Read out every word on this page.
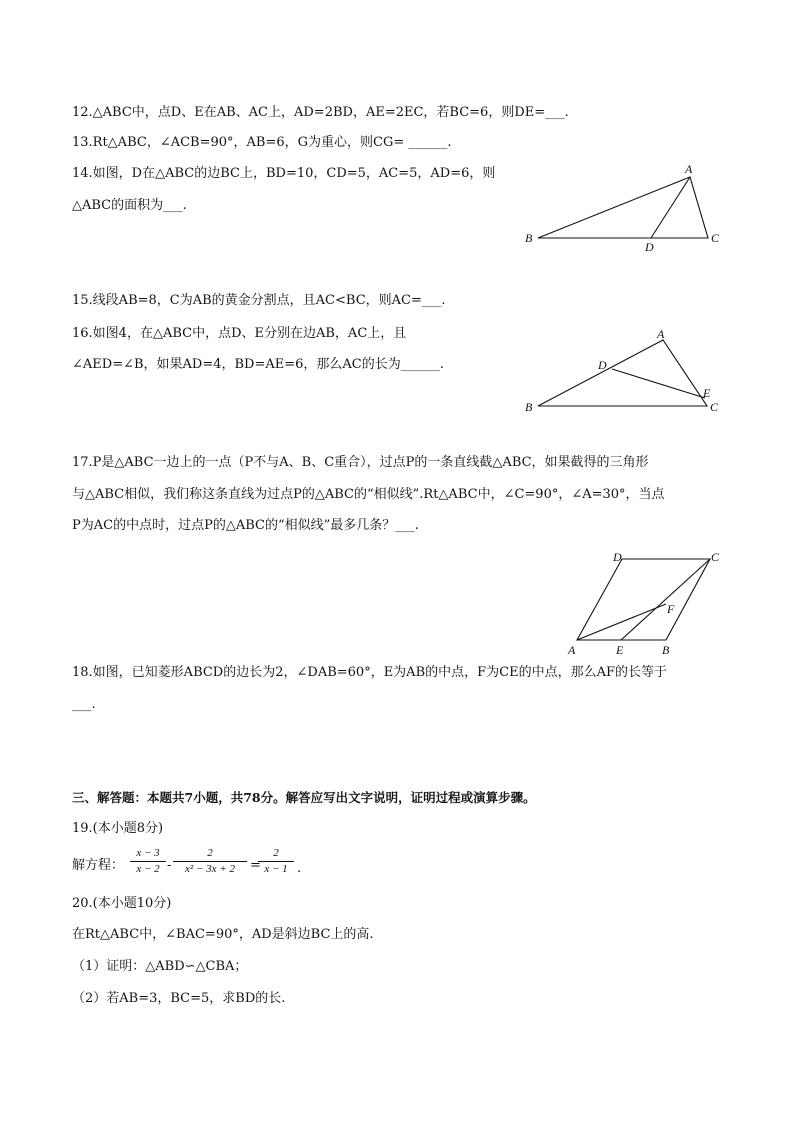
12.△ABC中，点D、E在AB、AC上，AD=2BD，AE=2EC，若BC=6，则DE=___.
13.Rt△ABC，∠ACB=90°，AB=6，G为重心，则CG= ______.
14.如图，D在△ABC的边BC上，BD=10，CD=5，AC=5，AD=6，则
△ABC的面积为___.
A
B	C
D
15.线段AB=8，C为AB的黄金分割点，且AC<BC，则AC=___.
16.如图4，在△ABC中，点D、E分别在边AB，AC上，且
∠AED=∠B，如果AD=4，BD=AE=6，那么AC的长为______.
A
B	C
D
E
17.P是△ABC一边上的一点（P不与A、B、C重合），过点P的一条直线截△ABC，如果截得的三角形
与△ABC相似，我们称这条直线为过点P的△ABC的“相似线”.Rt△ABC中，∠C=90°，∠A=30°，当点
P为AC的中点时，过点P的△ABC的“相似线”最多几条？___.
A	B
C
D
E
F
18.如图，已知菱形ABCD的边长为2，∠DAB=60°，E为AB的中点，F为CE的中点，那么AF的长等于
___.
三、解答题：本题共7小题，共78分。解答应写出文字说明，证明过程或演算步骤。
19.(本小题8分)
解方程：
x − 3
x − 2 -
2
x² − 3x + 2	=
2
x − 1 .
20.(本小题10分)
在Rt△ABC中，∠BAC=90°，AD是斜边BC上的高.
（1）证明：△ABD∽△CBA；
（2）若AB=3，BC=5，求BD的长.
